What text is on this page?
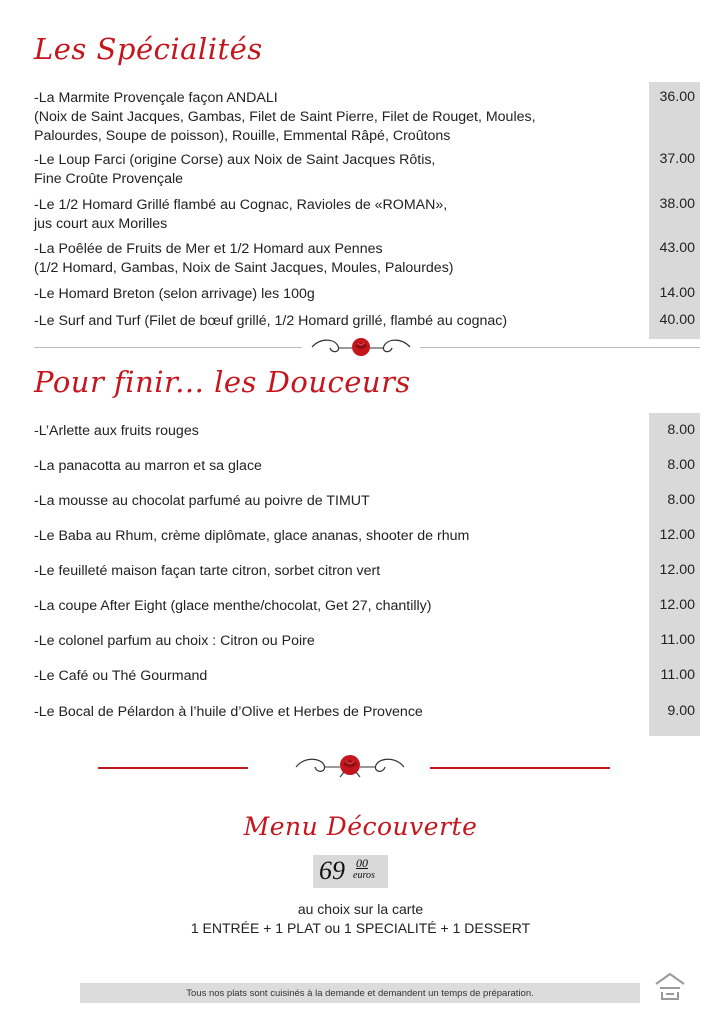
Les Spécialités
-La Marmite Provençale façon ANDALI
(Noix de Saint Jacques, Gambas, Filet de Saint Pierre, Filet de Rouget, Moules,
Palourdes, Soupe de poisson), Rouille, Emmental Râpé, Croûtons
36.00
-Le Loup Farci (origine Corse) aux Noix de Saint Jacques Rôtis,
Fine Croûte Provençale
37.00
-Le 1/2 Homard Grillé flambé au Cognac, Ravioles de «ROMAN»,
jus court aux Morilles
38.00
-La Poêlée de Fruits de Mer et 1/2 Homard aux Pennes
(1/2 Homard, Gambas, Noix de Saint Jacques, Moules, Palourdes)
43.00
-Le Homard Breton (selon arrivage) les 100g	14.00
-Le Surf and Turf (Filet de bœuf grillé, 1/2 Homard grillé, flambé au cognac)	40.00
Pour finir... les Douceurs
-L’Arlette aux fruits rouges	8.00
-La panacotta au marron et sa glace	8.00
-La mousse au chocolat parfumé au poivre de TIMUT	8.00
-Le Baba au Rhum, crème diplômate, glace ananas, shooter de rhum	12.00
-Le feuilleté maison façan tarte citron, sorbet citron vert	12.00
-La coupe After Eight (glace menthe/chocolat, Get 27, chantilly)	12.00
-Le colonel parfum au choix : Citron ou Poire	11.00
-Le Café ou Thé Gourmand	11.00
-Le Bocal de Pélardon à l’huile d’Olive et Herbes de Provence	9.00
Menu Découverte
69 00
euros
au choix sur la carte
1 ENTRÉE + 1 PLAT ou 1 SPECIALITÉ + 1 DESSERT
Tous nos plats sont cuisinés à la demande et demandent un temps de préparation.
